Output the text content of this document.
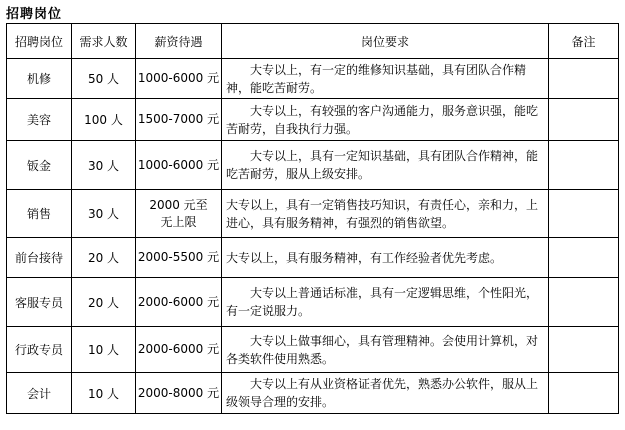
招聘岗位
招聘岗位	需求人数	薪资待遇	岗位要求	备注
机修	50 人	1000-6000 元	大专以上，有一定的维修知识基础，具有团队合作精神，能吃苦耐劳。	

美容	100 人	1500-7000 元	大专以上，有较强的客户沟通能力，服务意识强，能吃苦耐劳，自我执行力强。	

钣金	30 人	1000-6000 元	大专以上，具有一定知识基础，具有团队合作精神，能吃苦耐劳，服从上级安排。	

销售	30 人	2000 元至无上限	大专以上，具有一定销售技巧知识，有责任心，亲和力，上进心，具有服务精神，有强烈的销售欲望。	

前台接待	20 人	2000-5500 元	大专以上，具有服务精神，有工作经验者优先考虑。	

客服专员	20 人	2000-6000 元	大专以上普通话标准，具有一定逻辑思维，个性阳光，有一定说服力。	

行政专员	10 人	2000-6000 元	大专以上做事细心，具有管理精神。会使用计算机，对各类软件使用熟悉。	

会计	10 人	2000-8000 元	大专以上有从业资格证者优先，熟悉办公软件，服从上级领导合理的安排。	
